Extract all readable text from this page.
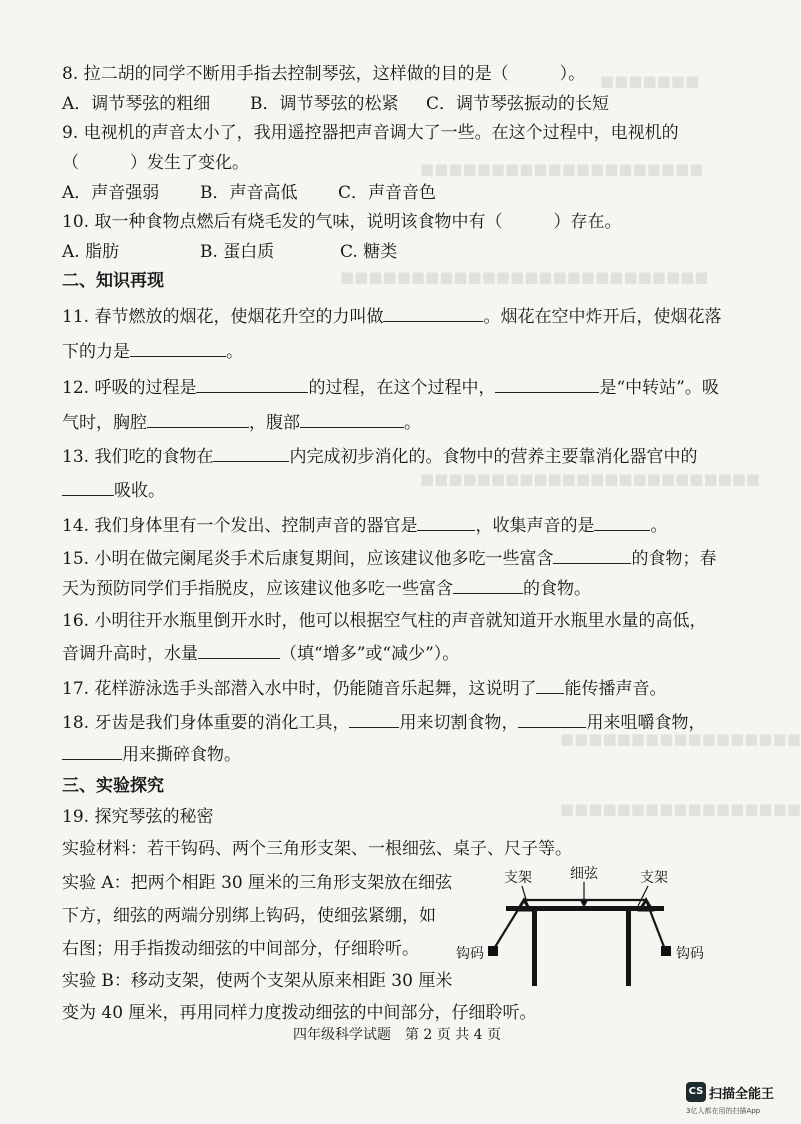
■■■■■■■
■■■■■■■■■■■■■■■■■■■■
■■■■■■■■■■■■■■■■■■■■■■■■■■
■■■■■■■■■■■■■■■■■■■■■■■■
■■■■■■■■■■■■■■■■■
■■■■■■■■■■■■■■■■■
8. 拉二胡的同学不断用手指去控制琴弦，这样做的目的是（　　　）。
A．调节琴弦的粗细 B．调节琴弦的松紧 C．调节琴弦振动的长短
9. 电视机的声音太小了，我用遥控器把声音调大了一些。在这个过程中，电视机的
（　　　）发生了变化。
A．声音强弱 B．声音高低 C．声音音色
10. 取一种食物点燃后有烧毛发的气味，说明该食物中有（　　　）存在。
A. 脂肪	B. 蛋白质	C. 糖类
二、知识再现
11. 春节燃放的烟花，使烟花升空的力叫做	。烟花在空中炸开后，使烟花落
下的力是	。
12. 呼吸的过程是	的过程，在这个过程中，	是“中转站”。吸
气时，胸腔	，腹部	。
13. 我们吃的食物在	内完成初步消化的。食物中的营养主要靠消化器官中的
吸收。
14. 我们身体里有一个发出、控制声音的器官是	，收集声音的是	。
15. 小明在做完阑尾炎手术后康复期间，应该建议他多吃一些富含	的食物；春
天为预防同学们手指脱皮，应该建议他多吃一些富含	的食物。
16. 小明往开水瓶里倒开水时，他可以根据空气柱的声音就知道开水瓶里水量的高低，
音调升高时，水量	（填“增多”或“减少”）。
17. 花样游泳选手头部潜入水中时，仍能随音乐起舞，这说明了 能传播声音。
18. 牙齿是我们身体重要的消化工具，	用来切割食物，	用来咀嚼食物，
用来撕碎食物。
三、实验探究
19. 探究琴弦的秘密
实验材料：若干钩码、两个三角形支架、一根细弦、桌子、尺子等。
实验 A：把两个相距 30 厘米的三角形支架放在细弦
下方，细弦的两端分别绑上钩码，使细弦紧绷，如
右图；用手指拨动细弦的中间部分，仔细聆听。
实验 B：移动支架，使两个支架从原来相距 30 厘米
变为 40 厘米，再用同样力度拨动细弦的中间部分，仔细聆听。
支架	细弦	支架
钩码	钩码
四年级科学试题　第 2 页 共 4 页
CS 扫描全能王
3亿人都在用的扫描App
